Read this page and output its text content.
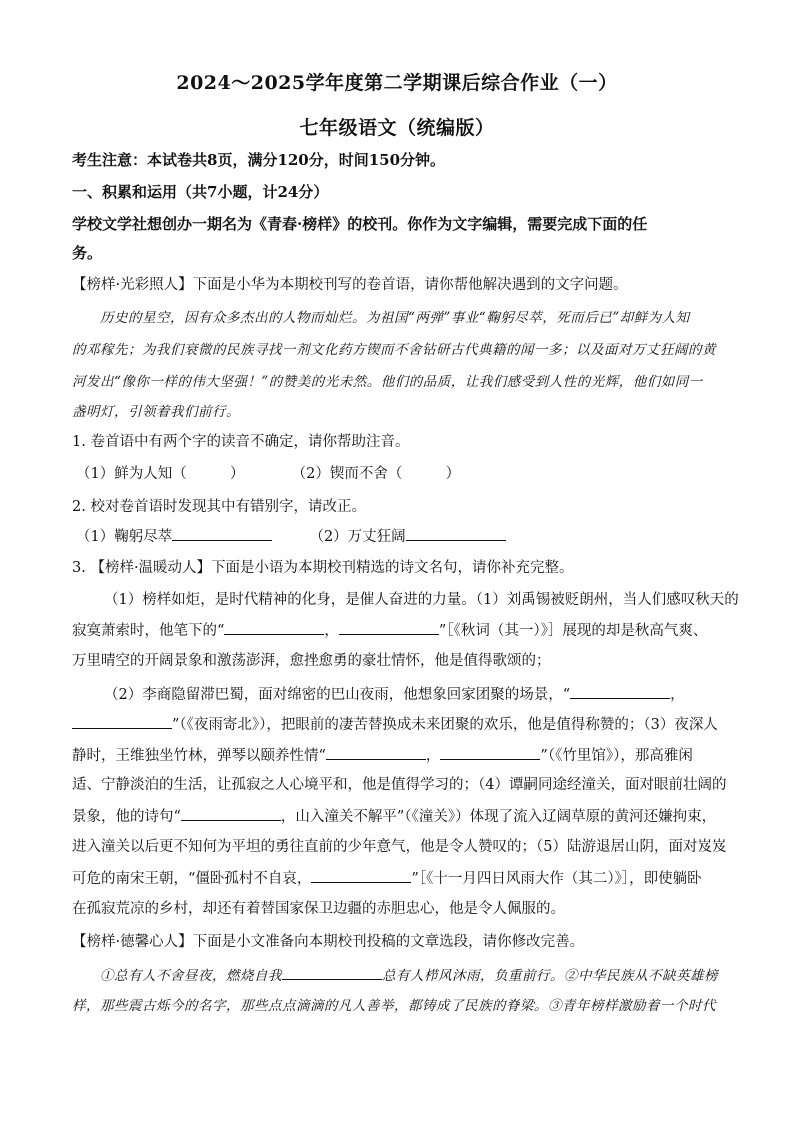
2024～2025学年度第二学期课后综合作业（一）
七年级语文（统编版）
考生注意：本试卷共8页，满分120分，时间150分钟。
一、积累和运用（共7小题，计24分）
学校文学社想创办一期名为《青春·榜样》的校刊。你作为文字编辑，需要完成下面的任
务。
【榜样·光彩照人】下面是小华为本期校刊写的卷首语，请你帮他解决遇到的文字问题。
历史的星空，因有众多杰出的人物而灿烂。为祖国“两弹”事业“鞠躬尽萃，死而后已”却鲜为人知
的邓稼先；为我们衰微的民族寻找一剂文化药方锲而不舍钻研古代典籍的闻一多；以及面对万丈狂阔的黄
河发出“像你一样的伟大坚强！”的赞美的光未然。他们的品质，让我们感受到人性的光辉，他们如同一
盏明灯，引领着我们前行。
1. 卷首语中有两个字的读音不确定，请你帮助注音。
（1）鲜为人知（	）	（2）锲而不舍（	）
2. 校对卷首语时发现其中有错别字，请改正。
（1）鞠躬尽萃	（2）万丈狂阔
3. 【榜样·温暖动人】下面是小语为本期校刊精选的诗文名句，请你补充完整。
（1）榜样如炬，是时代精神的化身，是催人奋进的力量。（1）刘禹锡被贬朗州，当人们感叹秋天的
寂寞萧索时，他笔下的“	，	”［《秋词（其一）》］展现的却是秋高气爽、
万里晴空的开阔景象和激荡澎湃，愈挫愈勇的豪壮情怀，他是值得歌颂的；
（2）李商隐留滞巴蜀，面对绵密的巴山夜雨，他想象回家团聚的场景，“	，
”（《夜雨寄北》），把眼前的凄苦替换成未来团聚的欢乐，他是值得称赞的；（3）夜深人
静时，王维独坐竹林，弹琴以颐养性情“	，	”（《竹里馆》），那高雅闲
适、宁静淡泊的生活，让孤寂之人心境平和，他是值得学习的；（4）谭嗣同途经潼关，面对眼前壮阔的
景象，他的诗句“	，山入潼关不解平”（《潼关》）体现了流入辽阔草原的黄河还嫌拘束，
进入潼关以后更不知何为平坦的勇往直前的少年意气，他是令人赞叹的；（5）陆游退居山阴，面对岌岌
可危的南宋王朝，“僵卧孤村不自哀，	”［《十一月四日风雨大作（其二）》］，即使躺卧
在孤寂荒凉的乡村，却还有着替国家保卫边疆的赤胆忠心，他是令人佩服的。
【榜样·德馨心人】下面是小文准备向本期校刊投稿的文章选段，请你修改完善。
①总有人不舍昼夜，燃烧自我	总有人栉风沐雨，负重前行。②中华民族从不缺英雄榜
样，那些震古烁今的名字，那些点点滴滴的凡人善举，都铸成了民族的脊梁。③青年榜样激励着一个时代
